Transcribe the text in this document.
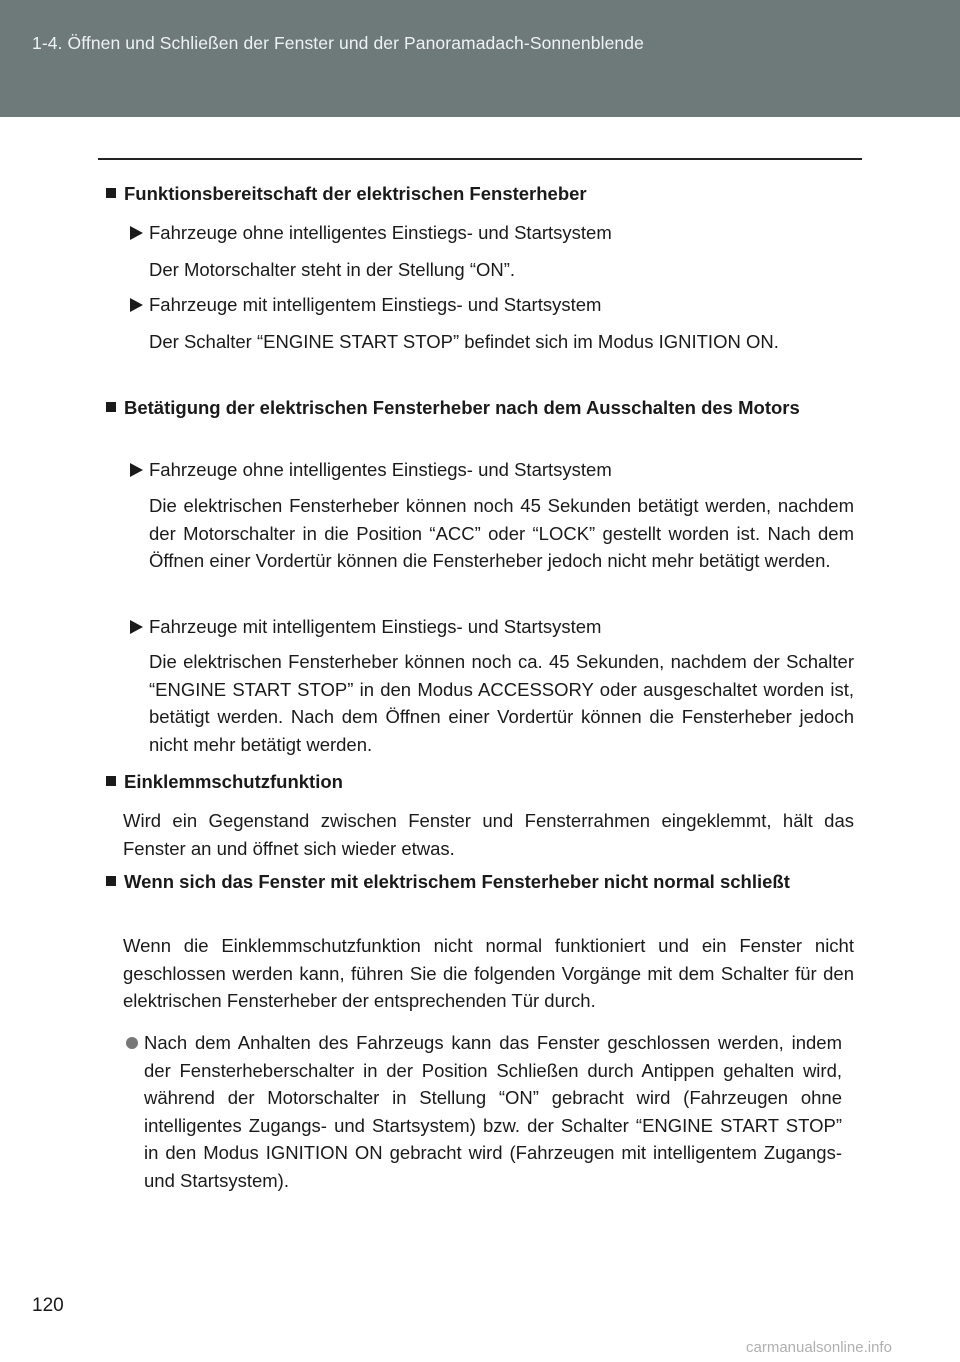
1-4. Öffnen und Schließen der Fenster und der Panoramadach-Sonnenblende
Funktionsbereitschaft der elektrischen Fensterheber
Fahrzeuge ohne intelligentes Einstiegs- und Startsystem
Der Motorschalter steht in der Stellung “ON”.
Fahrzeuge mit intelligentem Einstiegs- und Startsystem
Der Schalter “ENGINE START STOP” befindet sich im Modus IGNITION ON.
Betätigung der elektrischen Fensterheber nach dem Ausschalten des Motors
Fahrzeuge ohne intelligentes Einstiegs- und Startsystem
Die elektrischen Fensterheber können noch 45 Sekunden betätigt werden, nachdem der Motorschalter in die Position “ACC” oder “LOCK” gestellt worden ist. Nach dem Öffnen einer Vordertür können die Fensterheber jedoch nicht mehr betätigt werden.
Fahrzeuge mit intelligentem Einstiegs- und Startsystem
Die elektrischen Fensterheber können noch ca. 45 Sekunden, nachdem der Schalter “ENGINE START STOP” in den Modus ACCESSORY oder ausgeschaltet worden ist, betätigt werden. Nach dem Öffnen einer Vordertür können die Fensterheber jedoch nicht mehr betätigt werden.
Einklemmschutzfunktion
Wird ein Gegenstand zwischen Fenster und Fensterrahmen eingeklemmt, hält das Fenster an und öffnet sich wieder etwas.
Wenn sich das Fenster mit elektrischem Fensterheber nicht normal schließt
Wenn die Einklemmschutzfunktion nicht normal funktioniert und ein Fenster nicht geschlossen werden kann, führen Sie die folgenden Vorgänge mit dem Schalter für den elektrischen Fensterheber der entsprechenden Tür durch.
Nach dem Anhalten des Fahrzeugs kann das Fenster geschlossen werden, indem der Fensterheberschalter in der Position Schließen durch Antippen gehalten wird, während der Motorschalter in Stellung “ON” gebracht wird (Fahrzeugen ohne intelligentes Zugangs- und Startsystem) bzw. der Schalter “ENGINE START STOP” in den Modus IGNITION ON gebracht wird (Fahrzeugen mit intelligentem Zugangs- und Startsystem).
120
carmanualsonline.info
